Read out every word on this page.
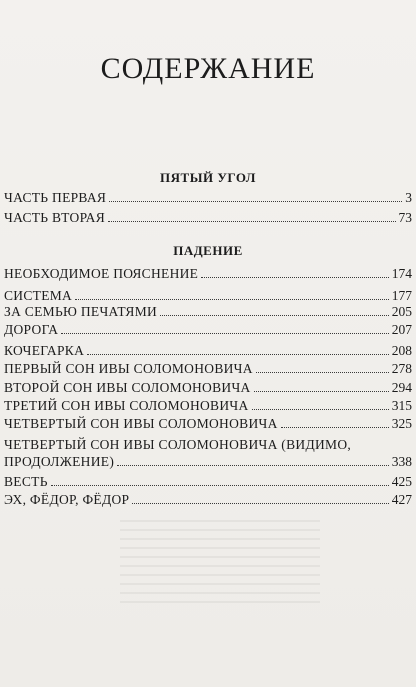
СОДЕРЖАНИЕ
ПЯТЫЙ УГОЛ
ЧАСТЬ ПЕРВАЯ	3
ЧАСТЬ ВТОРАЯ	73
ПАДЕНИЕ
НЕОБХОДИМОЕ ПОЯСНЕНИЕ	174
СИСТЕМА	177
ЗА СЕМЬЮ ПЕЧАТЯМИ	205
ДОРОГА	207
КОЧЕГАРКА	208
ПЕРВЫЙ СОН ИВЫ СОЛОМОНОВИЧА	278
ВТОРОЙ СОН ИВЫ СОЛОМОНОВИЧА	294
ТРЕТИЙ СОН ИВЫ СОЛОМОНОВИЧА	315
ЧЕТВЕРТЫЙ СОН ИВЫ СОЛОМОНОВИЧА	325
ЧЕТВЕРТЫЙ СОН ИВЫ СОЛОМОНОВИЧА (ВИДИМО,
ПРОДОЛЖЕНИЕ)	338
ВЕСТЬ	425
ЭХ, ФЁДОР, ФЁДОР	427
